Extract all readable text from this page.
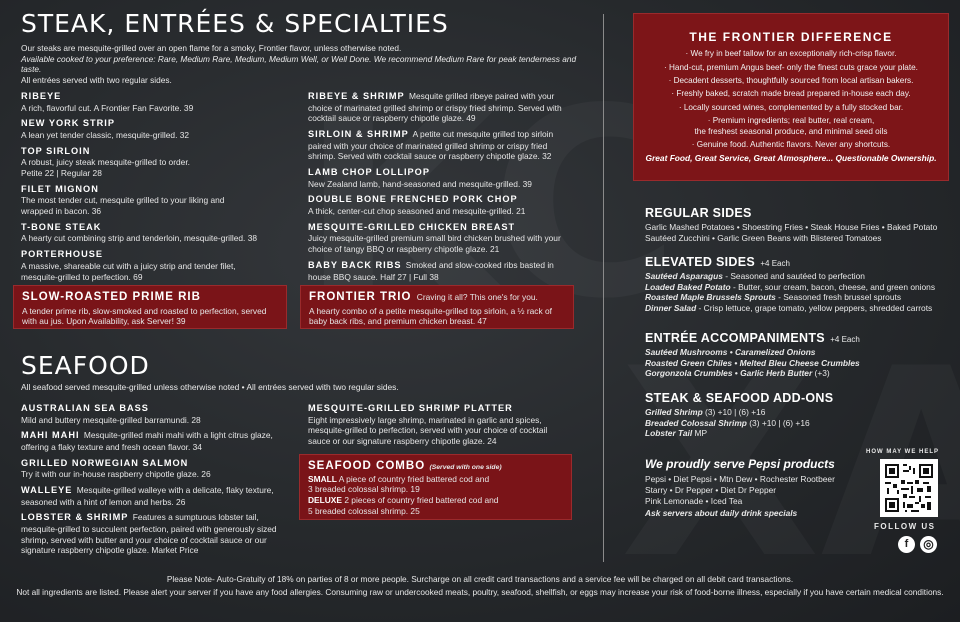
STEAK, ENTRÉES & SPECIALTIES
Our steaks are mesquite-grilled over an open flame for a smoky, Frontier flavor, unless otherwise noted.
Available cooked to your preference: Rare, Medium Rare, Medium, Medium Well, or Well Done. We recommend Medium Rare for peak tenderness and taste.
All entrées served with two regular sides.
RIBEYE
A rich, flavorful cut. A Frontier Fan Favorite. 39
NEW YORK STRIP
A lean yet tender classic, mesquite-grilled. 32
TOP SIRLOIN
A robust, juicy steak mesquite-grilled to order.
Petite 22 | Regular 28
FILET MIGNON
The most tender cut, mesquite grilled to your liking and
wrapped in bacon. 36
T-BONE STEAK
A hearty cut combining strip and tenderloin, mesquite-grilled. 38
PORTERHOUSE
A massive, shareable cut with a juicy strip and tender filet,
mesquite-grilled to perfection. 69
RIBEYE & SHRIMP Mesquite grilled ribeye paired with your choice of marinated grilled shrimp or crispy fried shrimp. Served with cocktail sauce or raspberry chipotle glaze. 49
SIRLOIN & SHRIMP A petite cut mesquite grilled top sirloin paired with your choice of marinated grilled shrimp or crispy fried shrimp. Served with cocktail sauce or raspberry chipotle glaze. 32
LAMB CHOP LOLLIPOP
New Zealand lamb, hand-seasoned and mesquite-grilled. 39
DOUBLE BONE FRENCHED PORK CHOP
A thick, center-cut chop seasoned and mesquite-grilled. 21
MESQUITE-GRILLED CHICKEN BREAST
Juicy mesquite-grilled premium small bird chicken brushed with your choice of tangy BBQ or raspberry chipotle glaze. 21
BABY BACK RIBS Smoked and slow-cooked ribs basted in house BBQ sauce. Half 27 | Full 38
SLOW-ROASTED PRIME RIB
A tender prime rib, slow-smoked and roasted to perfection, served with au jus. Upon Availability, ask Server! 39
FRONTIER TRIO Craving it all? This one's for you.
A hearty combo of a petite mesquite-grilled top sirloin, a ½ rack of baby back ribs, and premium chicken breast. 47
SEAFOOD
All seafood served mesquite-grilled unless otherwise noted • All entrées served with two regular sides.
AUSTRALIAN SEA BASS
Mild and buttery mesquite-grilled barramundi. 28
MAHI MAHI Mesquite-grilled mahi mahi with a light citrus glaze, offering a flaky texture and fresh ocean flavor. 34
GRILLED NORWEGIAN SALMON
Try it with our in-house raspberry chipotle glaze. 26
WALLEYE Mesquite-grilled walleye with a delicate, flaky texture, seasoned with a hint of lemon and herbs. 26
LOBSTER & SHRIMP Features a sumptuous lobster tail, mesquite-grilled to succulent perfection, paired with generously sized shrimp, served with butter and your choice of cocktail sauce or our signature raspberry chipotle glaze. Market Price
MESQUITE-GRILLED SHRIMP PLATTER
Eight impressively large shrimp, marinated in garlic and spices, mesquite-grilled to perfection, served with your choice of cocktail sauce or our signature raspberry chipotle glaze. 24
SEAFOOD COMBO (Served with one side)
SMALL A piece of country fried battered cod and
3 breaded colossal shrimp. 19
DELUXE 2 pieces of country fried battered cod and
5 breaded colossal shrimp. 25
THE FRONTIER DIFFERENCE
· We fry in beef tallow for an exceptionally rich-crisp flavor.
· Hand-cut, premium Angus beef- only the finest cuts grace your plate.
· Decadent desserts, thoughtfully sourced from local artisan bakers.
· Freshly baked, scratch made bread prepared in-house each day.
· Locally sourced wines, complemented by a fully stocked bar.
· Premium ingredients; real butter, real cream,
the freshest seasonal produce, and minimal seed oils
· Genuine food. Authentic flavors. Never any shortcuts.
Great Food, Great Service, Great Atmosphere... Questionable Ownership.
REGULAR SIDES
Garlic Mashed Potatoes • Shoestring Fries • Steak House Fries • Baked Potato
Sautéed Zucchini • Garlic Green Beans with Blistered Tomatoes
ELEVATED SIDES +4 Each
Sautéed Asparagus - Seasoned and sautéed to perfection
Loaded Baked Potato - Butter, sour cream, bacon, cheese, and green onions
Roasted Maple Brussels Sprouts - Seasoned fresh brussel sprouts
Dinner Salad - Crisp lettuce, grape tomato, yellow peppers, shredded carrots
ENTRÉE ACCOMPANIMENTS +4 Each
Sautéed Mushrooms • Caramelized Onions
Roasted Green Chiles • Melted Bleu Cheese Crumbles
Gorgonzola Crumbles • Garlic Herb Butter (+3)
STEAK & SEAFOOD ADD-ONS
Grilled Shrimp (3) +10 | (6) +16
Breaded Colossal Shrimp (3) +10 | (6) +16
Lobster Tail MP
We proudly serve Pepsi products
Pepsi • Diet Pepsi • Mtn Dew • Rochester Rootbeer
Starry • Dr Pepper • Diet Dr Pepper
Pink Lemonade • Iced Tea
Ask servers about daily drink specials
HOW MAY WE HELP
FOLLOW US
f	◎
Please Note- Auto-Gratuity of 18% on parties of 8 or more people. Surcharge on all credit card transactions and a service fee will be charged on all debit card transactions.
Not all ingredients are listed. Please alert your server if you have any food allergies. Consuming raw or undercooked meats, poultry, seafood, shellfish, or eggs may increase your risk of food-borne illness, especially if you have certain medical conditions.
